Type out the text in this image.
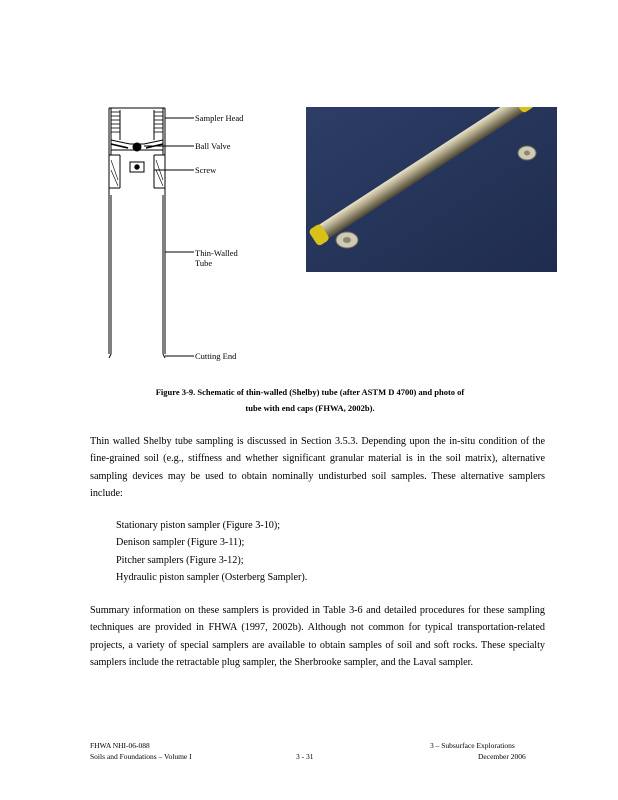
Sampler Head
Ball Valve
Screw
Thin-Walled
Tube
Cutting End
Figure 3-9. Schematic of thin-walled (Shelby) tube (after ASTM D 4700) and photo of
tube with end caps (FHWA, 2002b).
Thin walled Shelby tube sampling is discussed in Section 3.5.3. Depending upon the in-situ condition of the fine-grained soil (e.g., stiffness and whether significant granular material is in the soil matrix), alternative sampling devices may be used to obtain nominally undisturbed soil samples. These alternative samplers include:
Stationary piston sampler (Figure 3-10);
Denison sampler (Figure 3-11);
Pitcher samplers (Figure 3-12);
Hydraulic piston sampler (Osterberg Sampler).
Summary information on these samplers is provided in Table 3-6 and detailed procedures for these sampling techniques are provided in FHWA (1997, 2002b). Although not common for typical transportation-related projects, a variety of special samplers are available to obtain samples of soil and soft rocks. These specialty samplers include the retractable plug sampler, the Sherbrooke sampler, and the Laval sampler.
FHWA NHI-06-088
Soils and Foundations – Volume I	3 - 31
3 – Subsurface Explorations
December 2006
